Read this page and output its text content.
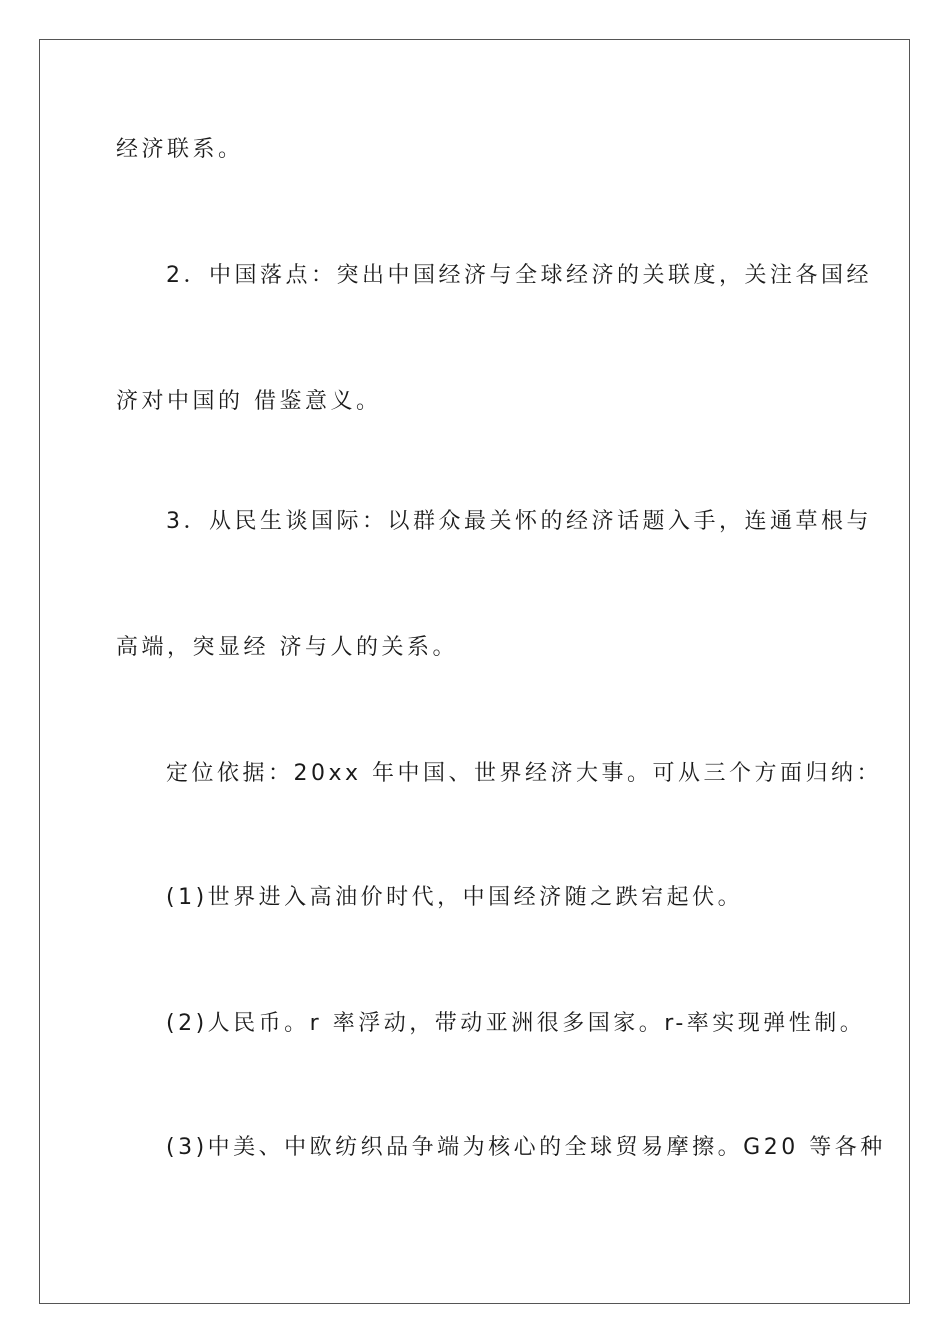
经济联系。
2．中国落点：突出中国经济与全球经济的关联度，关注各国经
济对中国的 借鉴意义。
3．从民生谈国际：以群众最关怀的经济话题入手，连通草根与
高端，突显经 济与人的关系。
定位依据：20xx 年中国、世界经济大事。可从三个方面归纳：
(1)世界进入高油价时代，中国经济随之跌宕起伏。
(2)人民币。r 率浮动，带动亚洲很多国家。r-率实现弹性制。
(3)中美、中欧纺织品争端为核心的全球贸易摩擦。G20 等各种
